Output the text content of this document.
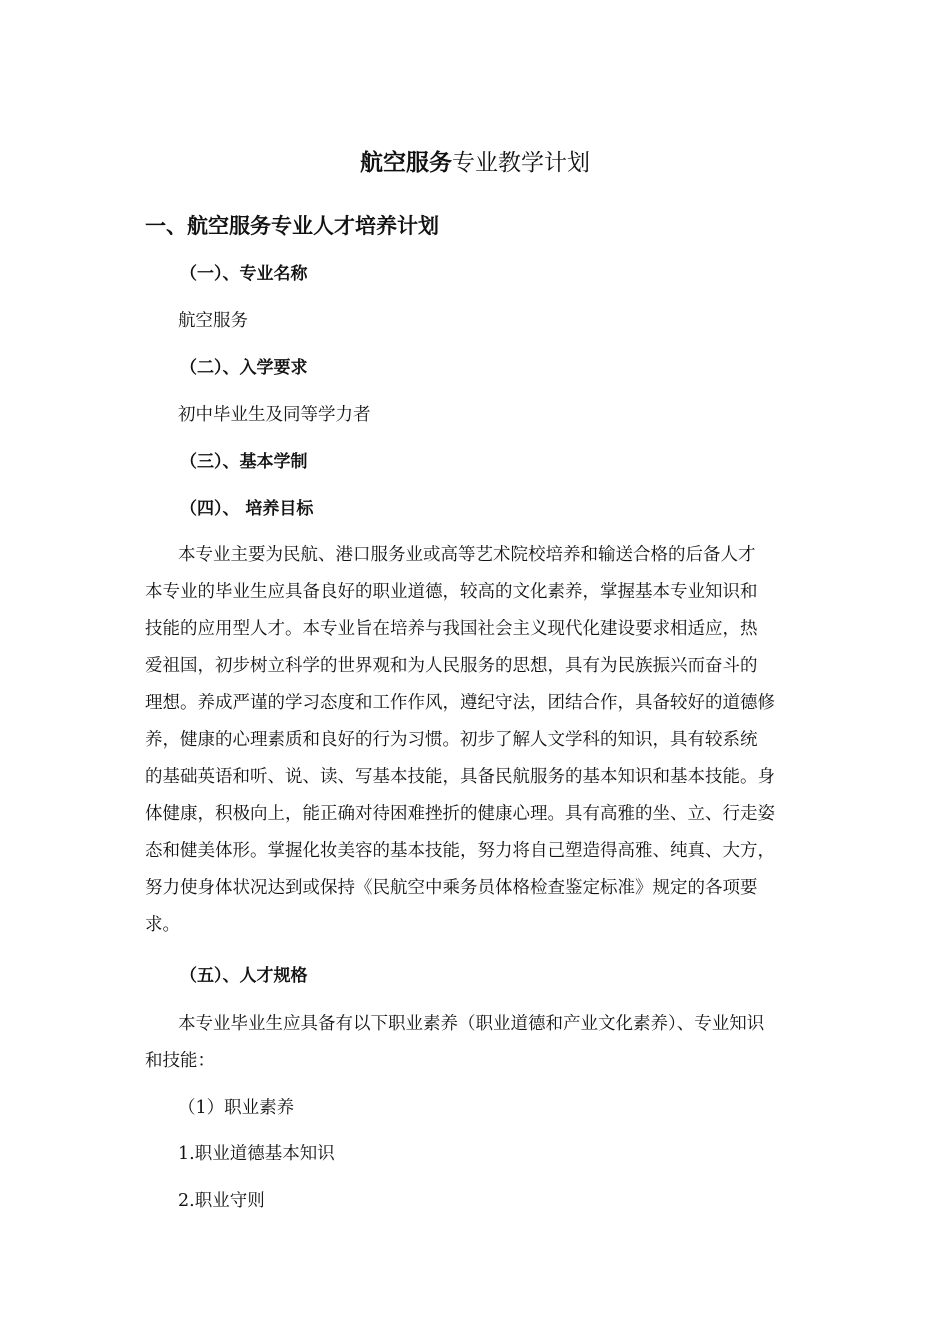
航空服务专业教学计划
一、航空服务专业人才培养计划
（一）、专业名称
航空服务
（二）、入学要求
初中毕业生及同等学力者
（三）、基本学制
（四）、 培养目标
本专业主要为民航、港口服务业或高等艺术院校培养和输送合格的后备人才
本专业的毕业生应具备良好的职业道德，较高的文化素养，掌握基本专业知识和
技能的应用型人才。本专业旨在培养与我国社会主义现代化建设要求相适应，热
爱祖国，初步树立科学的世界观和为人民服务的思想，具有为民族振兴而奋斗的
理想。养成严谨的学习态度和工作作风，遵纪守法，团结合作，具备较好的道德修
养，健康的心理素质和良好的行为习惯。初步了解人文学科的知识，具有较系统
的基础英语和听、说、读、写基本技能，具备民航服务的基本知识和基本技能。身
体健康，积极向上，能正确对待困难挫折的健康心理。具有高雅的坐、立、行走姿
态和健美体形。掌握化妆美容的基本技能，努力将自己塑造得高雅、纯真、大方，
努力使身体状况达到或保持《民航空中乘务员体格检查鉴定标准》规定的各项要
求。
（五）、人才规格
本专业毕业生应具备有以下职业素养（职业道德和产业文化素养）、专业知识
和技能：
（1）职业素养
1.职业道德基本知识
2.职业守则
